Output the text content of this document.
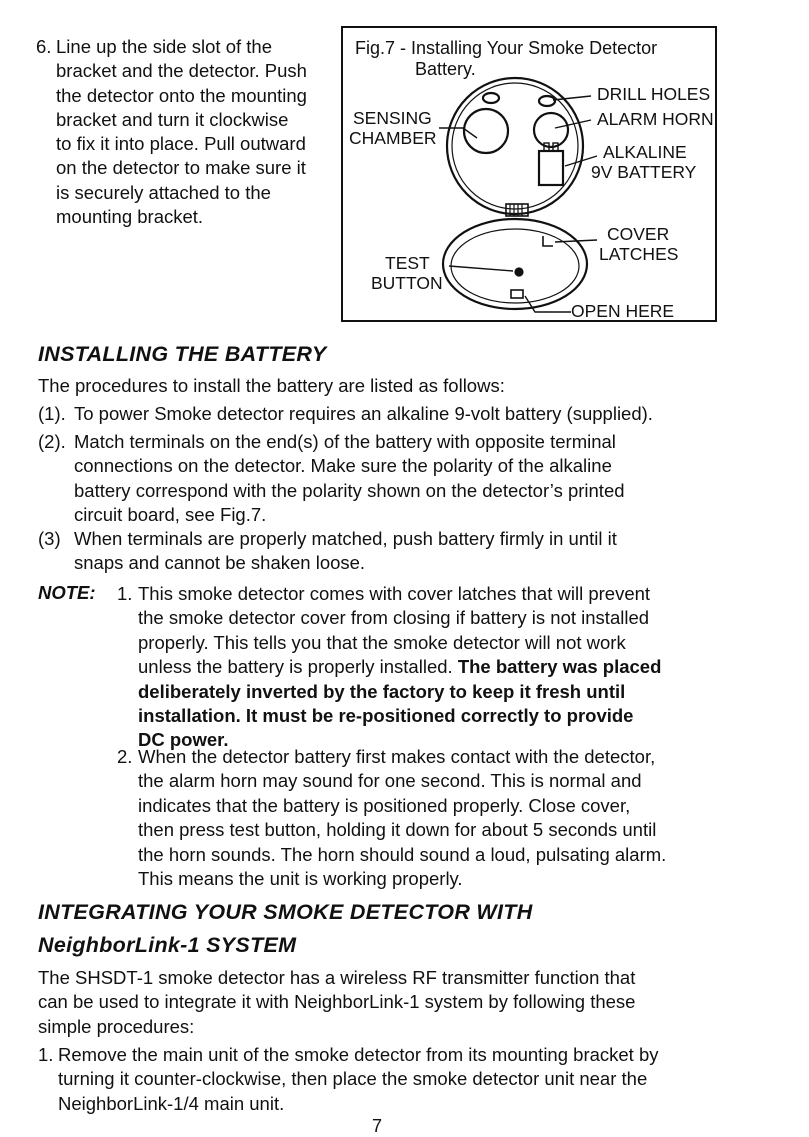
6. Line up the side slot of the
bracket and the detector. Push
the detector onto the mounting
bracket and turn it clockwise
to fix it into place. Pull outward
on the detector to make sure it
is securely attached to the
mounting bracket.
Fig.7 - Installing Your Smoke Detector
Battery.
SENSING
CHAMBER
DRILL HOLES
ALARM HORN
ALKALINE
9V BATTERY
COVER
LATCHES
TEST
BUTTON
OPEN HERE
INSTALLING THE BATTERY
The procedures to install the battery are listed as follows:
(1). To power Smoke detector requires an alkaline 9-volt battery (supplied).
(2). Match terminals on the end(s) of the battery with opposite terminal
connections on the detector. Make sure the polarity of the alkaline
battery correspond with the polarity shown on the detector’s printed
circuit board, see Fig.7.
(3) When terminals are properly matched, push battery firmly in until it
snaps and cannot be shaken loose.
NOTE: 1. This smoke detector comes with cover latches that will prevent
the smoke detector cover from closing if battery is not installed
properly. This tells you that the smoke detector will not work
unless the battery is properly installed. The battery was placed
deliberately inverted by the factory to keep it fresh until
installation. It must be re-positioned correctly to provide
DC power.
2. When the detector battery first makes contact with the detector,
the alarm horn may sound for one second. This is normal and
indicates that the battery is positioned properly. Close cover,
then press test button, holding it down for about 5 seconds until
the horn sounds. The horn should sound a loud, pulsating alarm.
This means the unit is working properly.
INTEGRATING YOUR SMOKE DETECTOR WITH
NeighborLink-1 SYSTEM
The SHSDT-1 smoke detector has a wireless RF transmitter function that
can be used to integrate it with NeighborLink-1 system by following these
simple procedures:
1. Remove the main unit of the smoke detector from its mounting bracket by
turning it counter-clockwise, then place the smoke detector unit near the
NeighborLink-1/4 main unit.
7
